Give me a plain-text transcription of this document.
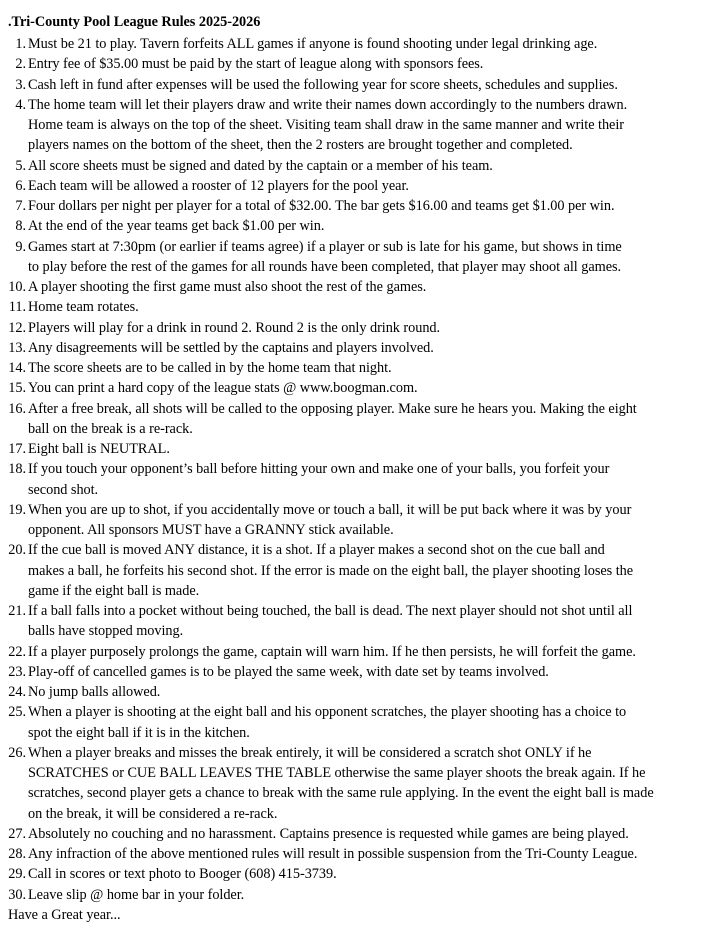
.Tri-County Pool League Rules 2025-2026
1. Must be 21 to play. Tavern forfeits ALL games if anyone is found shooting under legal drinking age.
2. Entry fee of $35.00 must be paid by the start of league along with sponsors fees.
3. Cash left in fund after expenses will be used the following year for score sheets, schedules and supplies.
4. The home team will let their players draw and write their names down accordingly to the numbers drawn.
Home team is always on the top of the sheet. Visiting team shall draw in the same manner and write their
players names on the bottom of the sheet, then the 2 rosters are brought together and completed.
5. All score sheets must be signed and dated by the captain or a member of his team.
6. Each team will be allowed a rooster of 12 players for the pool year.
7. Four dollars per night per player for a total of $32.00. The bar gets $16.00 and teams get $1.00 per win.
8. At the end of the year teams get back $1.00 per win.
9. Games start at 7:30pm (or earlier if teams agree) if a player or sub is late for his game, but shows in time
to play before the rest of the games for all rounds have been completed, that player may shoot all games.
10. A player shooting the first game must also shoot the rest of the games.
11. Home team rotates.
12. Players will play for a drink in round 2. Round 2 is the only drink round.
13. Any disagreements will be settled by the captains and players involved.
14. The score sheets are to be called in by the home team that night.
15. You can print a hard copy of the league stats @ www.boogman.com.
16. After a free break, all shots will be called to the opposing player. Make sure he hears you. Making the eight
ball on the break is a re-rack.
17. Eight ball is NEUTRAL.
18. If you touch your opponent’s ball before hitting your own and make one of your balls, you forfeit your
second shot.
19. When you are up to shot, if you accidentally move or touch a ball, it will be put back where it was by your
opponent. All sponsors MUST have a GRANNY stick available.
20. If the cue ball is moved ANY distance, it is a shot. If a player makes a second shot on the cue ball and
makes a ball, he forfeits his second shot. If the error is made on the eight ball, the player shooting loses the
game if the eight ball is made.
21. If a ball falls into a pocket without being touched, the ball is dead. The next player should not shot until all
balls have stopped moving.
22. If a player purposely prolongs the game, captain will warn him. If he then persists, he will forfeit the game.
23. Play-off of cancelled games is to be played the same week, with date set by teams involved.
24. No jump balls allowed.
25. When a player is shooting at the eight ball and his opponent scratches, the player shooting has a choice to
spot the eight ball if it is in the kitchen.
26. When a player breaks and misses the break entirely, it will be considered a scratch shot ONLY if he
SCRATCHES or CUE BALL LEAVES THE TABLE otherwise the same player shoots the break again. If he
scratches, second player gets a chance to break with the same rule applying. In the event the eight ball is made
on the break, it will be considered a re-rack.
27. Absolutely no couching and no harassment. Captains presence is requested while games are being played.
28. Any infraction of the above mentioned rules will result in possible suspension from the Tri-County League.
29. Call in scores or text photo to Booger (608) 415-3739.
30. Leave slip @ home bar in your folder.
Have a Great year...
